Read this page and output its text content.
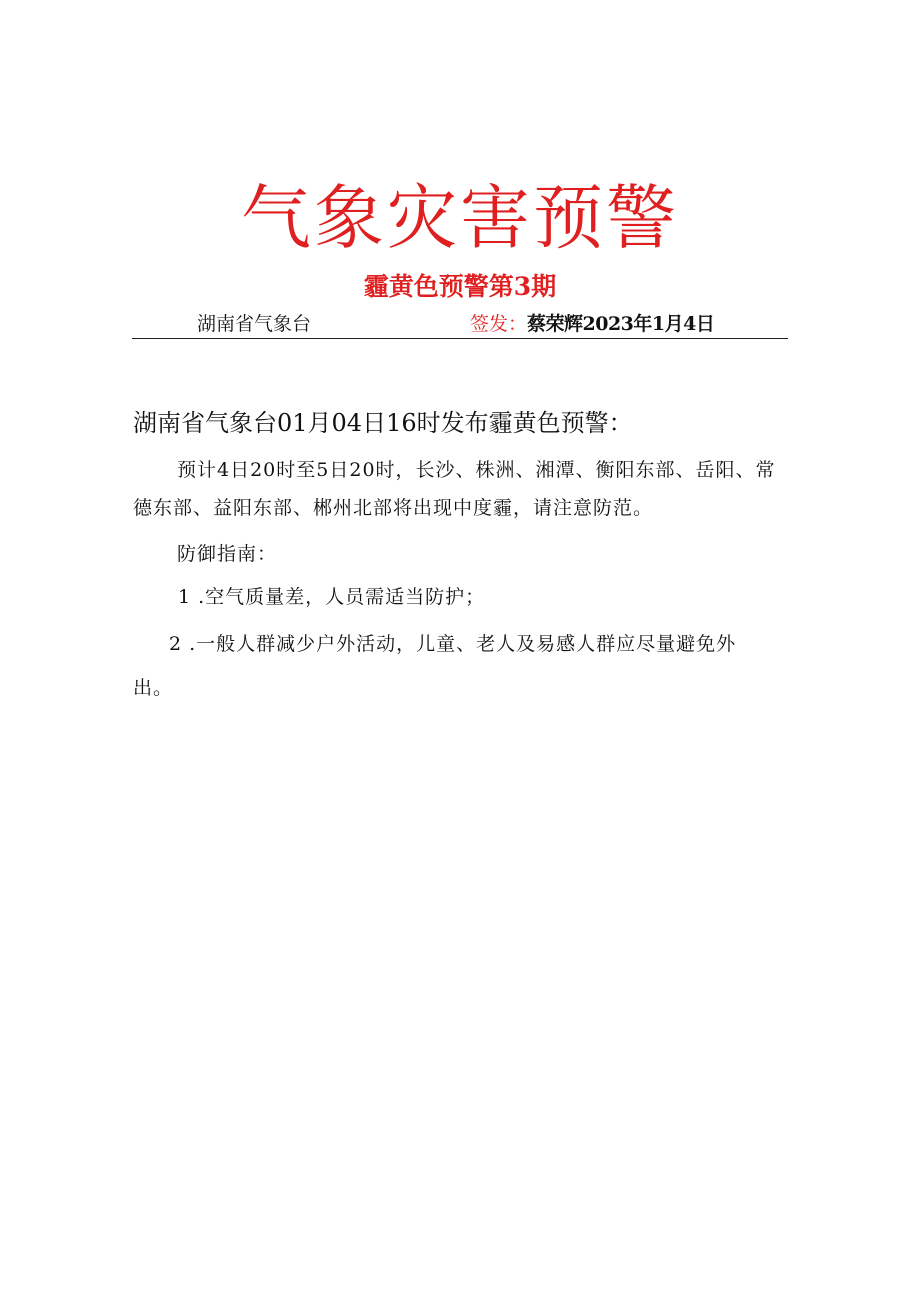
气象灾害预警
霾黄色预警第3期
湖南省气象台	签发：蔡荣辉2023年1月4日

湖南省气象台01月04日16时发布霾黄色预警：

预计4日20时至5日20时，长沙、株洲、湘潭、衡阳东部、岳阳、常德东部、益阳东部、郴州北部将出现中度霾，请注意防范。

防御指南：

1 .空气质量差，人员需适当防护；

2 .一般人群减少户外活动，儿童、老人及易感人群应尽量避免外出。
